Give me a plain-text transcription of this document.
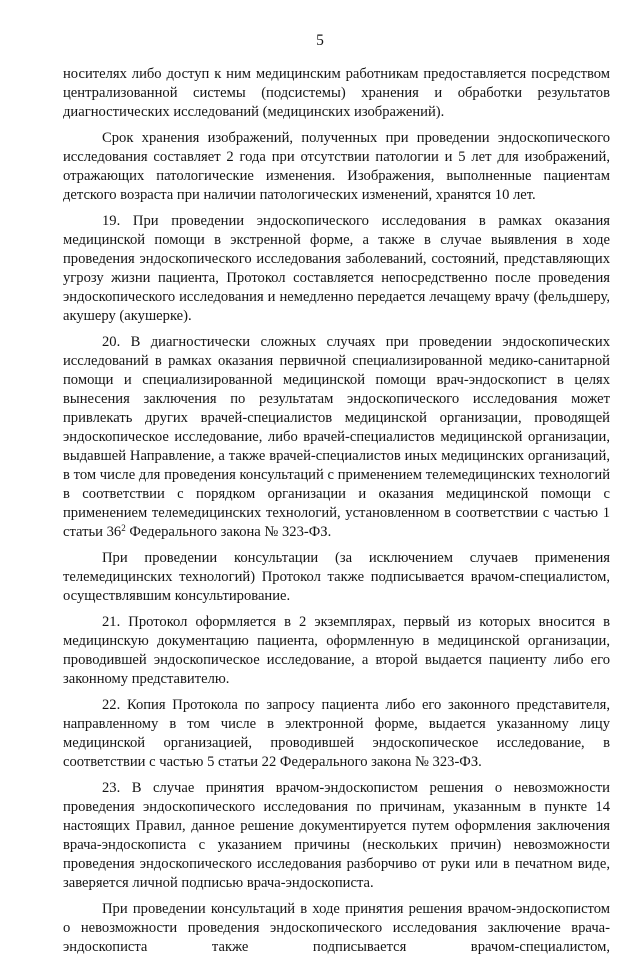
5

носителях либо доступ к ним медицинским работникам предоставляется посредством централизованной системы (подсистемы) хранения и обработки результатов диагностических исследований (медицинских изображений).

Срок хранения изображений, полученных при проведении эндоскопического исследования составляет 2 года при отсутствии патологии и 5 лет для изображений, отражающих патологические изменения. Изображения, выполненные пациентам детского возраста при наличии патологических изменений, хранятся 10 лет.

19. При проведении эндоскопического исследования в рамках оказания медицинской помощи в экстренной форме, а также в случае выявления в ходе проведения эндоскопического исследования заболеваний, состояний, представляющих угрозу жизни пациента, Протокол составляется непосредственно после проведения эндоскопического исследования и немедленно передается лечащему врачу (фельдшеру, акушеру (акушерке).

20. В диагностически сложных случаях при проведении эндоскопических исследований в рамках оказания первичной специализированной медико-санитарной помощи и специализированной медицинской помощи врач-эндоскопист в целях вынесения заключения по результатам эндоскопического исследования может привлекать других врачей-специалистов медицинской организации, проводящей эндоскопическое исследование, либо врачей-специалистов медицинской организации, выдавшей Направление, а также врачей-специалистов иных медицинских организаций, в том числе для проведения консультаций с применением телемедицинских технологий в соответствии с порядком организации и оказания медицинской помощи с применением телемедицинских технологий, установленном в соответствии с частью 1 статьи $36^2$ Федерального закона № 323-ФЗ.

При проведении консультации (за исключением случаев применения телемедицинских технологий) Протокол также подписывается врачом-специалистом, осуществлявшим консультирование.

21. Протокол оформляется в 2 экземплярах, первый из которых вносится в медицинскую документацию пациента, оформленную в медицинской организации, проводившей эндоскопическое исследование, а второй выдается пациенту либо его законному представителю.

22. Копия Протокола по запросу пациента либо его законного представителя, направленному в том числе в электронной форме, выдается указанному лицу медицинской организацией, проводившей эндоскопическое исследование, в соответствии с частью 5 статьи 22 Федерального закона № 323-ФЗ.

23. В случае принятия врачом-эндоскопистом решения о невозможности проведения эндоскопического исследования по причинам, указанным в пункте 14 настоящих Правил, данное решение документируется путем оформления заключения врача-эндоскописта с указанием причины (нескольких причин) невозможности проведения эндоскопического исследования разборчиво от руки или в печатном виде, заверяется личной подписью врача-эндоскописта.

При проведении консультаций в ходе принятия решения врачом-эндоскопистом о невозможности проведения эндоскопического исследования заключение врача-эндоскописта также подписывается врачом-специалистом,
